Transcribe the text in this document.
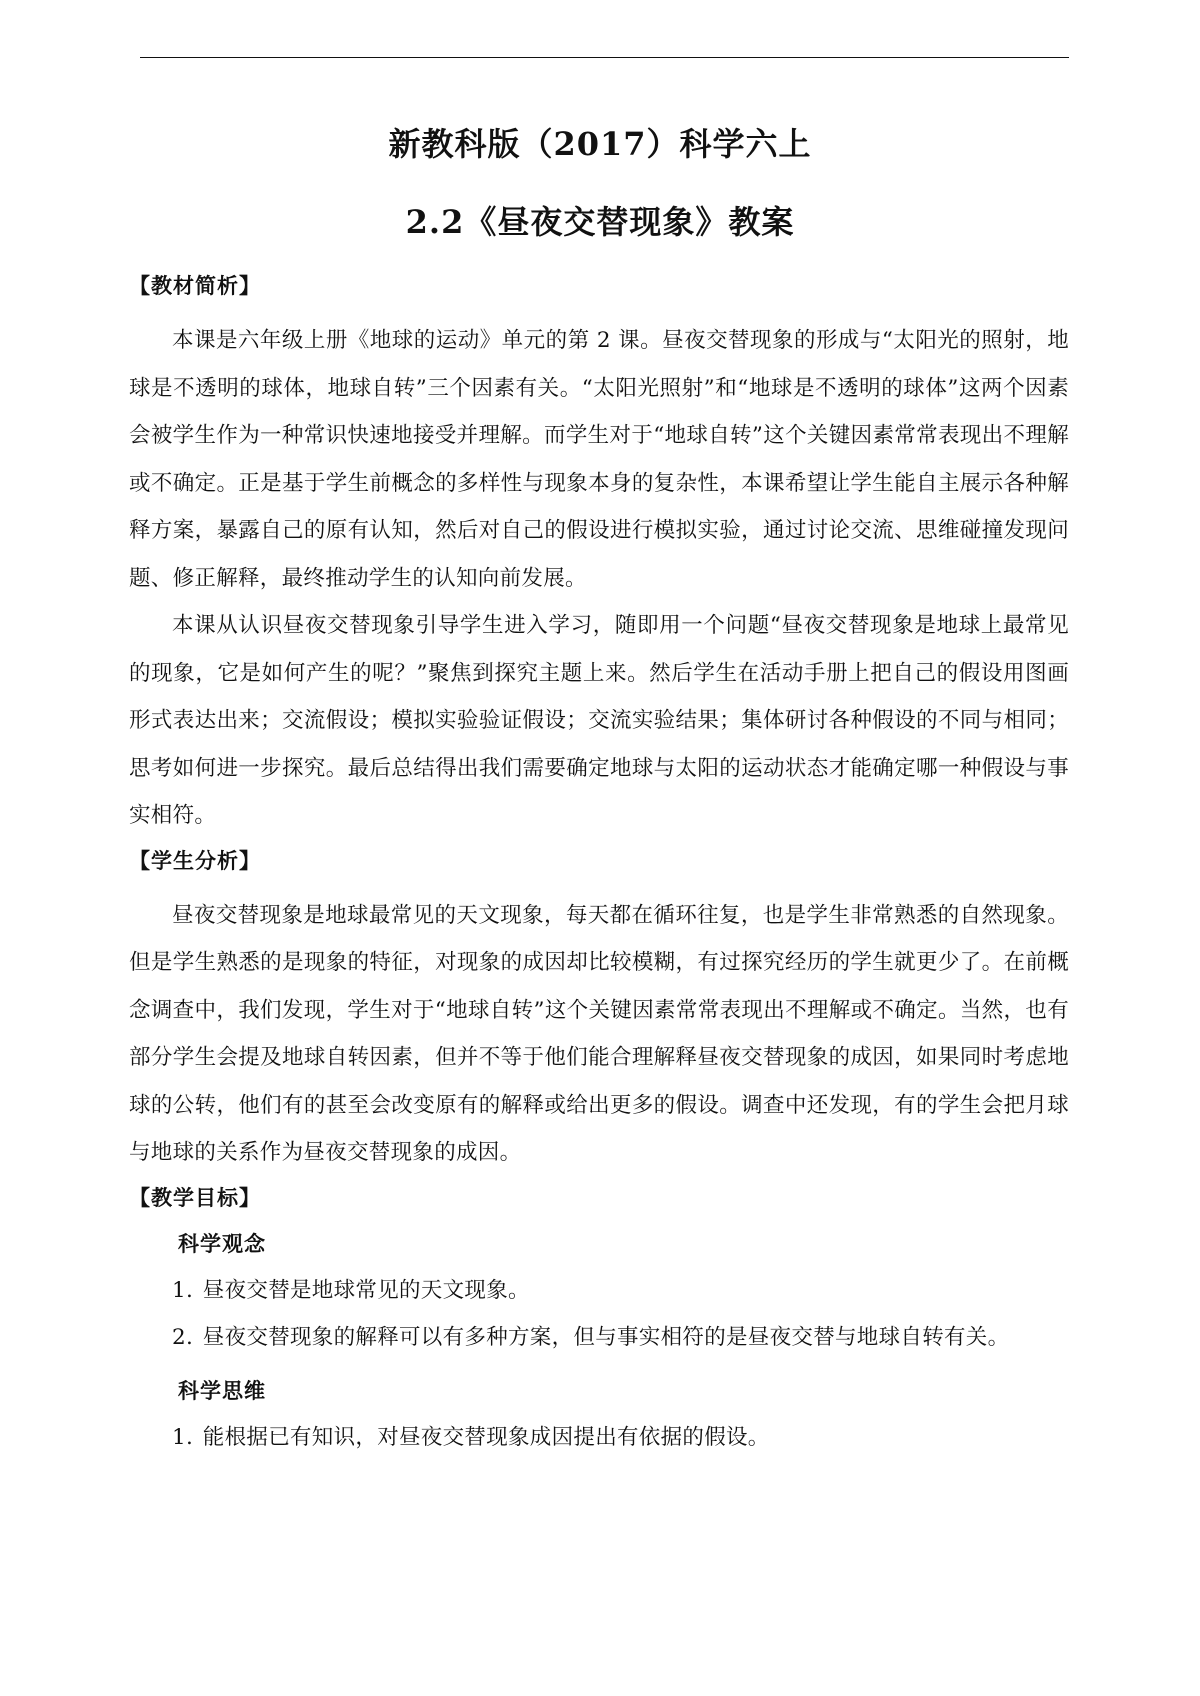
新教科版（2017）科学六上
2.2《昼夜交替现象》教案
【教材简析】

本课是六年级上册《地球的运动》单元的第 2 课。昼夜交替现象的形成与“太阳光的照射，地球是不透明的球体，地球自转”三个因素有关。“太阳光照射”和“地球是不透明的球体”这两个因素会被学生作为一种常识快速地接受并理解。而学生对于“地球自转”这个关键因素常常表现出不理解或不确定。正是基于学生前概念的多样性与现象本身的复杂性，本课希望让学生能自主展示各种解释方案，暴露自己的原有认知，然后对自己的假设进行模拟实验，通过讨论交流、思维碰撞发现问题、修正解释，最终推动学生的认知向前发展。

本课从认识昼夜交替现象引导学生进入学习，随即用一个问题“昼夜交替现象是地球上最常见的现象，它是如何产生的呢？”聚焦到探究主题上来。然后学生在活动手册上把自己的假设用图画形式表达出来；交流假设；模拟实验验证假设；交流实验结果；集体研讨各种假设的不同与相同；思考如何进一步探究。最后总结得出我们需要确定地球与太阳的运动状态才能确定哪一种假设与事实相符。

【学生分析】

昼夜交替现象是地球最常见的天文现象，每天都在循环往复，也是学生非常熟悉的自然现象。但是学生熟悉的是现象的特征，对现象的成因却比较模糊，有过探究经历的学生就更少了。在前概念调查中，我们发现，学生对于“地球自转”这个关键因素常常表现出不理解或不确定。当然，也有部分学生会提及地球自转因素，但并不等于他们能合理解释昼夜交替现象的成因，如果同时考虑地球的公转，他们有的甚至会改变原有的解释或给出更多的假设。调查中还发现，有的学生会把月球与地球的关系作为昼夜交替现象的成因。

【教学目标】
科学观念

1. 昼夜交替是地球常见的天文现象。

2. 昼夜交替现象的解释可以有多种方案，但与事实相符的是昼夜交替与地球自转有关。

科学思维

1. 能根据已有知识，对昼夜交替现象成因提出有依据的假设。
